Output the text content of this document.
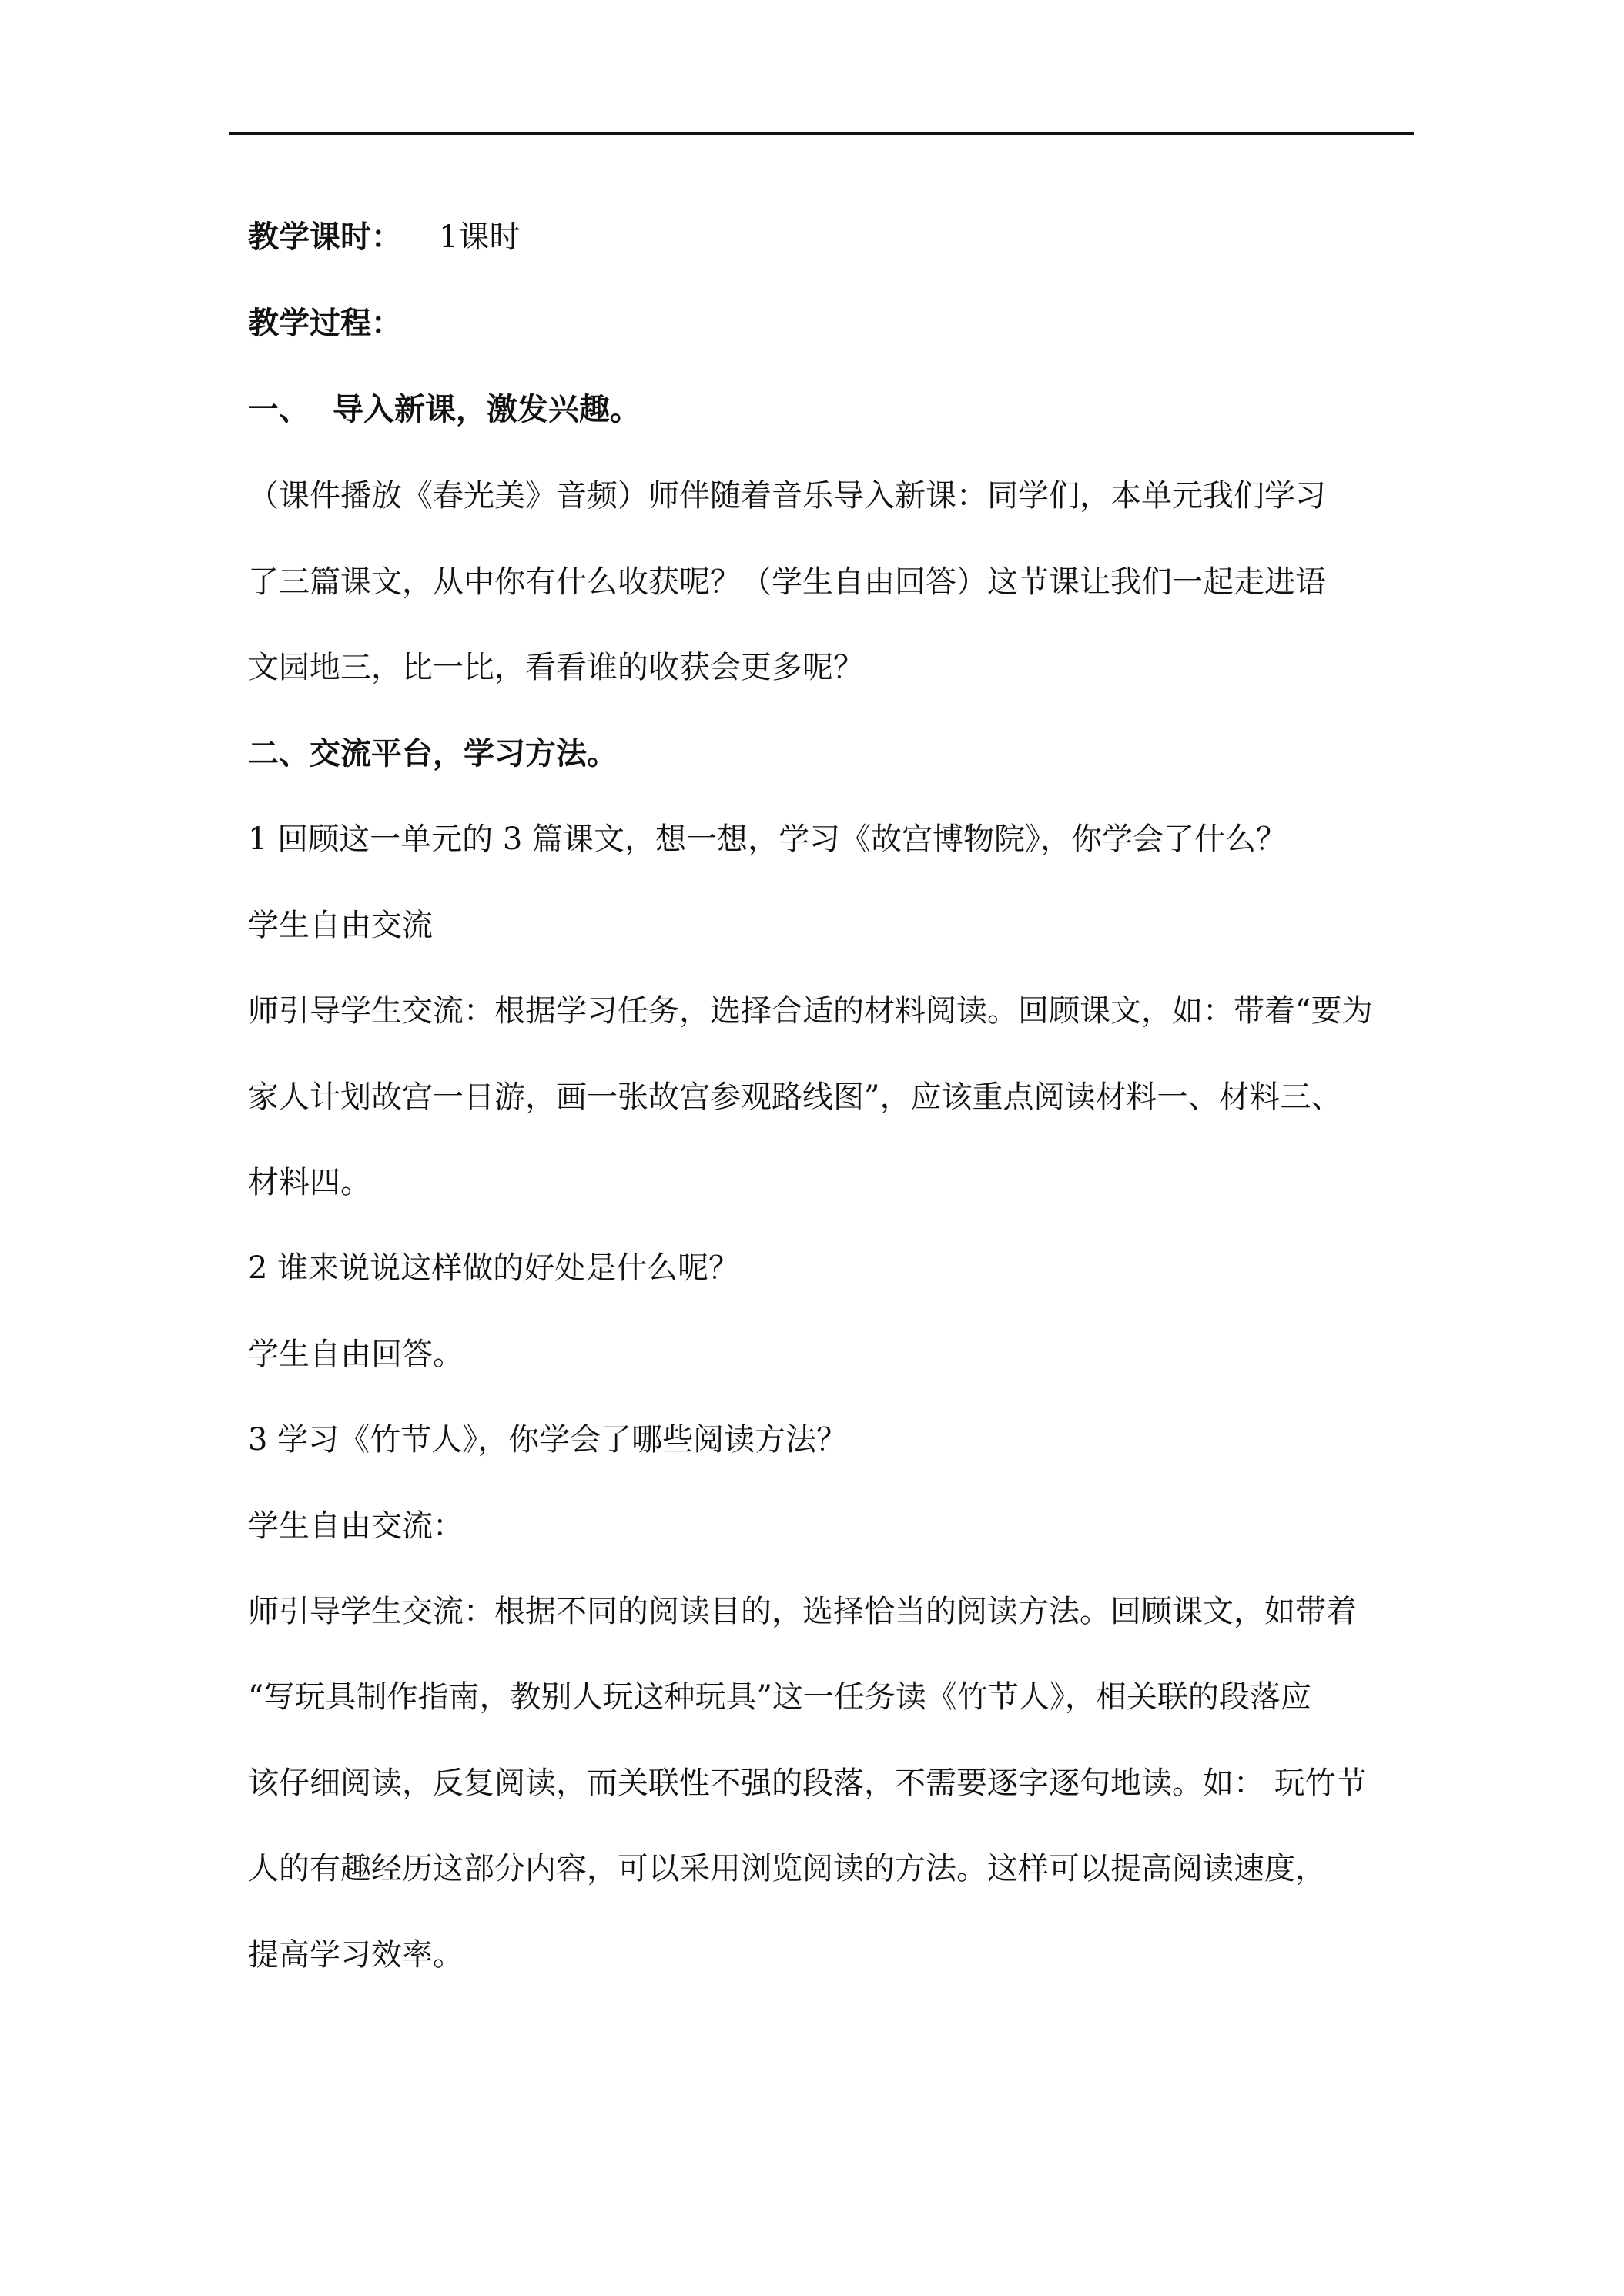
教学课时： 1课时
教学过程：
一、 导入新课，激发兴趣。
（课件播放《春光美》音频）师伴随着音乐导入新课：同学们，本单元我们学习
了三篇课文，从中你有什么收获呢？（学生自由回答）这节课让我们一起走进语
文园地三，比一比，看看谁的收获会更多呢？
二、交流平台，学习方法。
1 回顾这一单元的 3 篇课文，想一想，学习《故宫博物院》，你学会了什么？
学生自由交流
师引导学生交流：根据学习任务，选择合适的材料阅读。回顾课文，如：带着“要为
家人计划故宫一日游，画一张故宫参观路线图”，应该重点阅读材料一、材料三、
材料四。
2 谁来说说这样做的好处是什么呢？
学生自由回答。
3 学习《竹节人》，你学会了哪些阅读方法？
学生自由交流：
师引导学生交流：根据不同的阅读目的，选择恰当的阅读方法。回顾课文，如带着
“写玩具制作指南，教别人玩这种玩具”这一任务读《竹节人》，相关联的段落应
该仔细阅读，反复阅读，而关联性不强的段落，不需要逐字逐句地读。如： 玩竹节
人的有趣经历这部分内容，可以采用浏览阅读的方法。这样可以提高阅读速度，
提高学习效率。
